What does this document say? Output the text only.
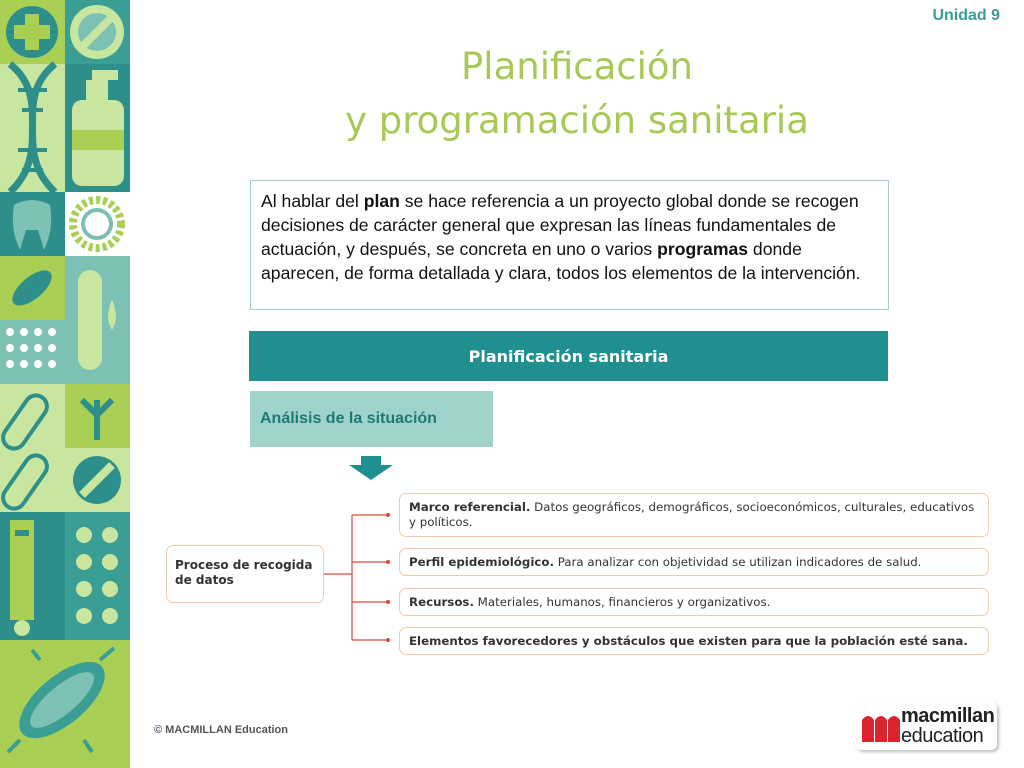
Unidad 9
Planificación
y programación sanitaria
Al hablar del plan se hace referencia a un proyecto global donde se recogen decisiones de carácter general que expresan las líneas fundamentales de actuación, y después, se concreta en uno o varios programas donde aparecen, de forma detallada y clara, todos los elementos de la intervención.
Planificación sanitaria
Análisis de la situación
Proceso de recogida de datos
Marco referencial. Datos geográficos, demográficos, socioeconómicos, culturales, educativos y políticos.
Perfil epidemiológico. Para analizar con objetividad se utilizan indicadores de salud.
Recursos. Materiales, humanos, financieros y organizativos.
Elementos favorecedores y obstáculos que existen para que la población esté sana.
© MACMILLAN Education
macmillan
education
